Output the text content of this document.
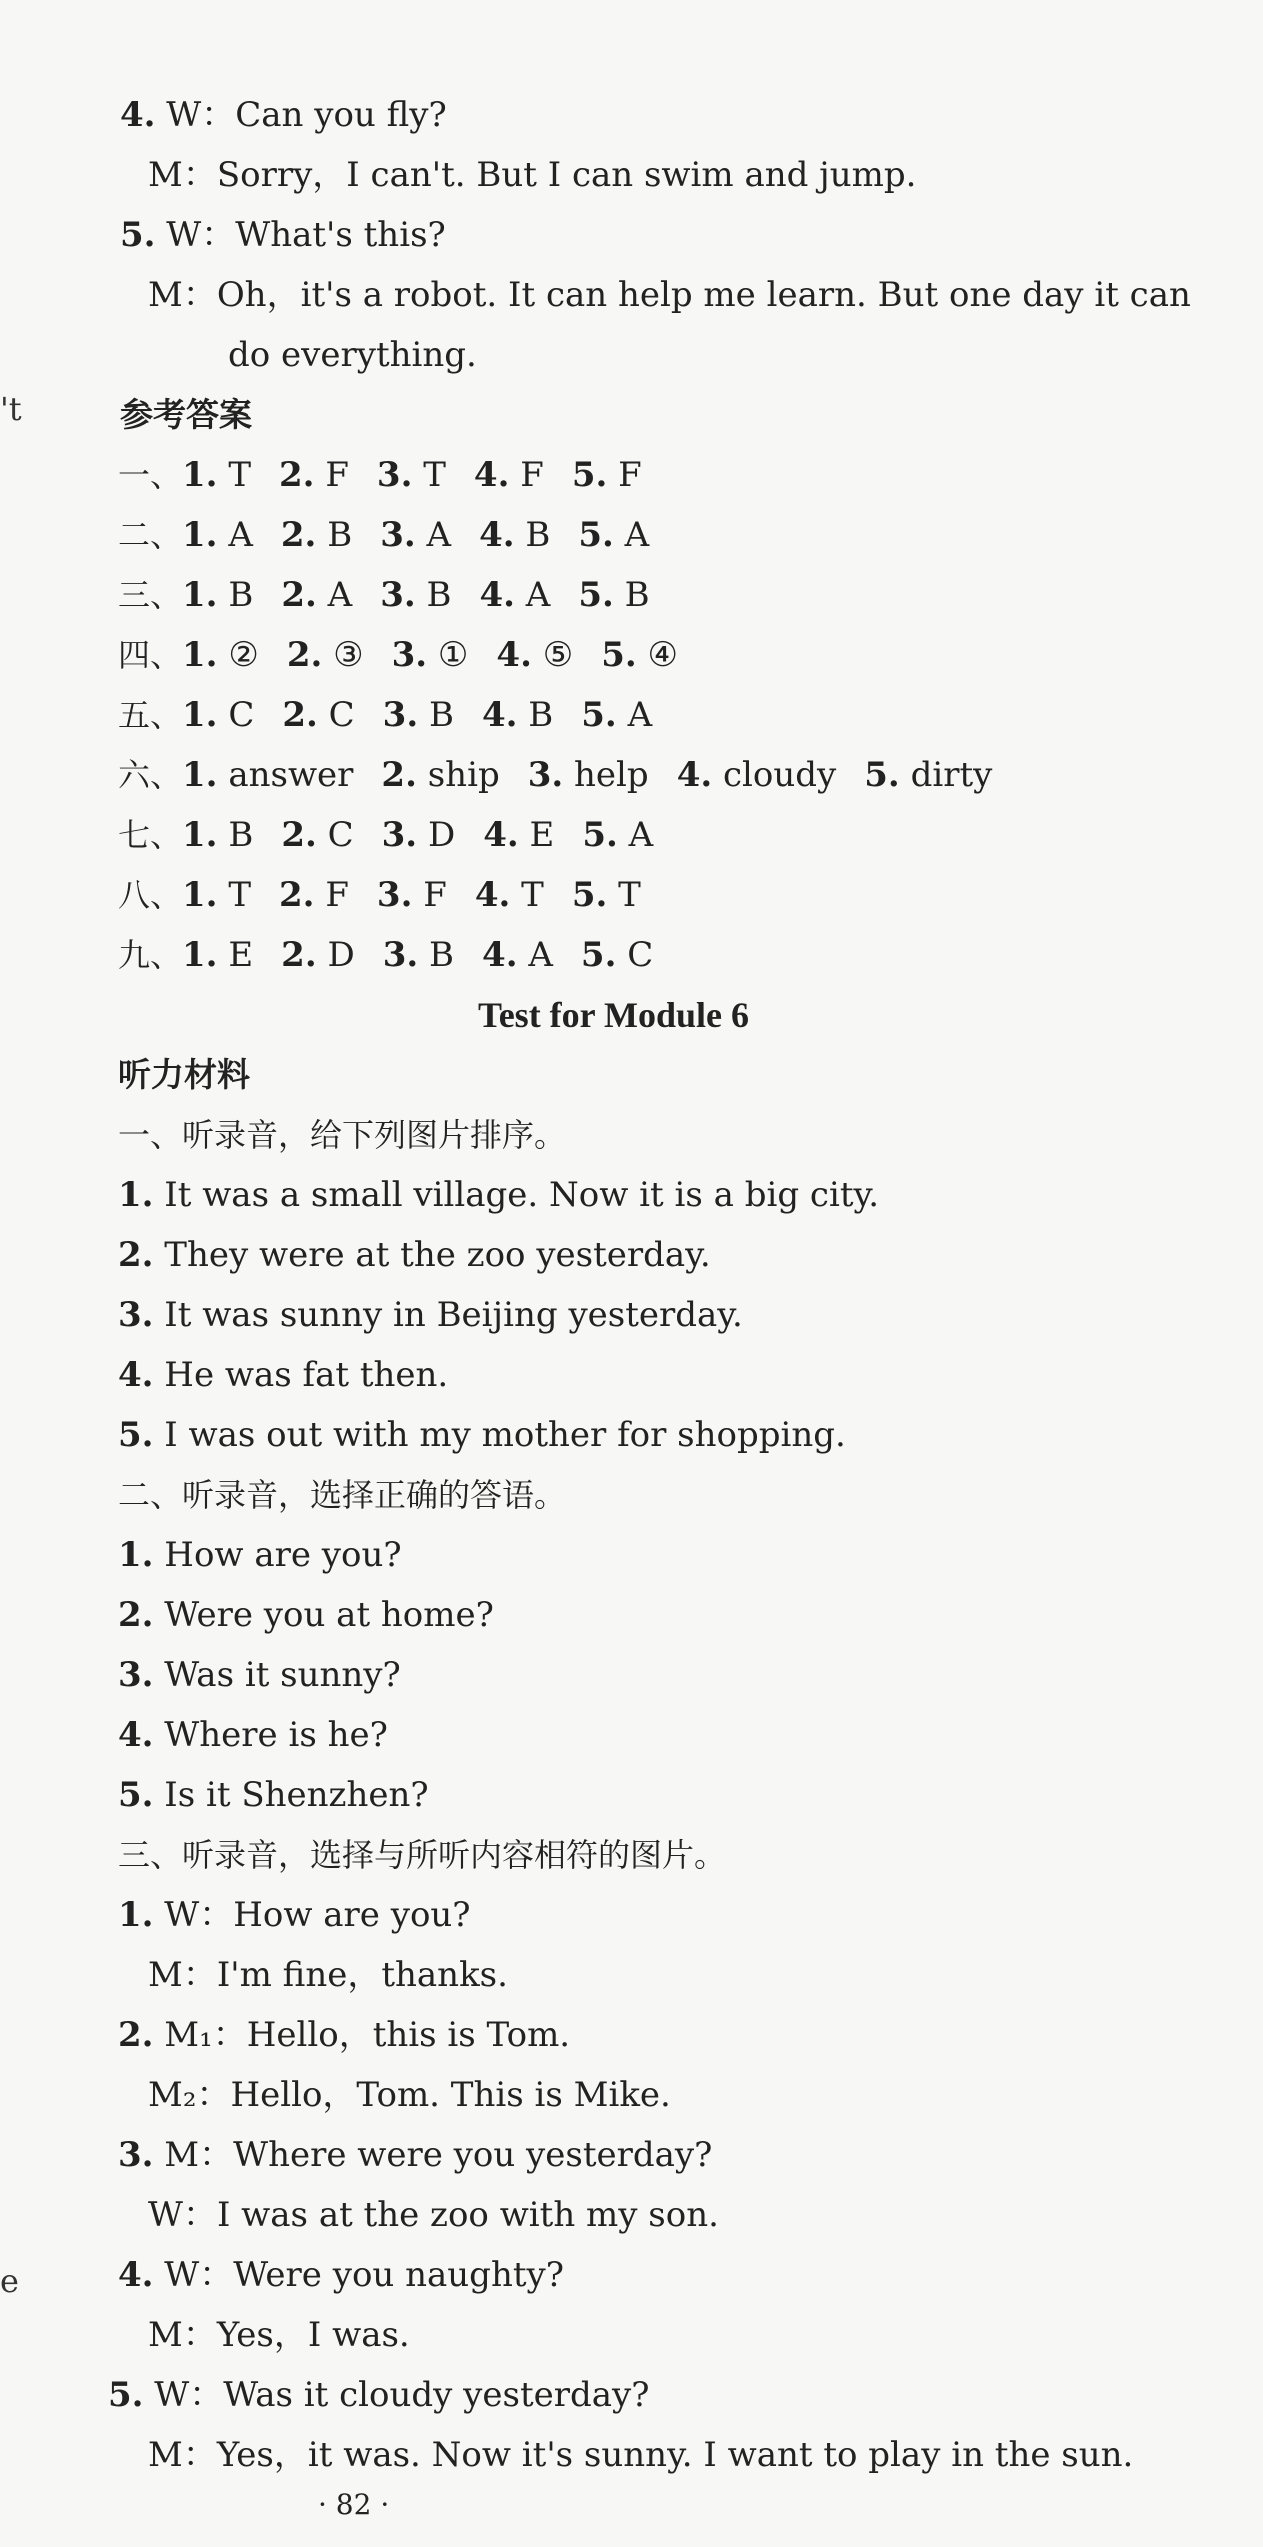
't
e
4. W：Can you fly?
M：Sorry，I can't. But I can swim and jump.
5. W：What's this?
M：Oh，it's a robot. It can help me learn. But one day it can
do everything.
参考答案
一、1. T 2. F 3. T 4. F 5. F
二、1. A 2. B 3. A 4. B 5. A
三、1. B 2. A 3. B 4. A 5. B
四、1. ② 2. ③ 3. ① 4. ⑤ 5. ④
五、1. C 2. C 3. B 4. B 5. A
六、1. answer 2. ship 3. help 4. cloudy 5. dirty
七、1. B 2. C 3. D 4. E 5. A
八、1. T 2. F 3. F 4. T 5. T
九、1. E 2. D 3. B 4. A 5. C
Test for Module 6
听力材料
一、听录音，给下列图片排序。
1. It was a small village. Now it is a big city.
2. They were at the zoo yesterday.
3. It was sunny in Beijing yesterday.
4. He was fat then.
5. I was out with my mother for shopping.
二、听录音，选择正确的答语。
1. How are you?
2. Were you at home?
3. Was it sunny?
4. Where is he?
5. Is it Shenzhen?
三、听录音，选择与所听内容相符的图片。
1. W：How are you?
M：I'm fine，thanks.
2. M₁：Hello，this is Tom.
M₂：Hello，Tom. This is Mike.
3. M：Where were you yesterday?
W：I was at the zoo with my son.
4. W：Were you naughty?
M：Yes，I was.
5. W：Was it cloudy yesterday?
M：Yes，it was. Now it's sunny. I want to play in the sun.
· 82 ·
